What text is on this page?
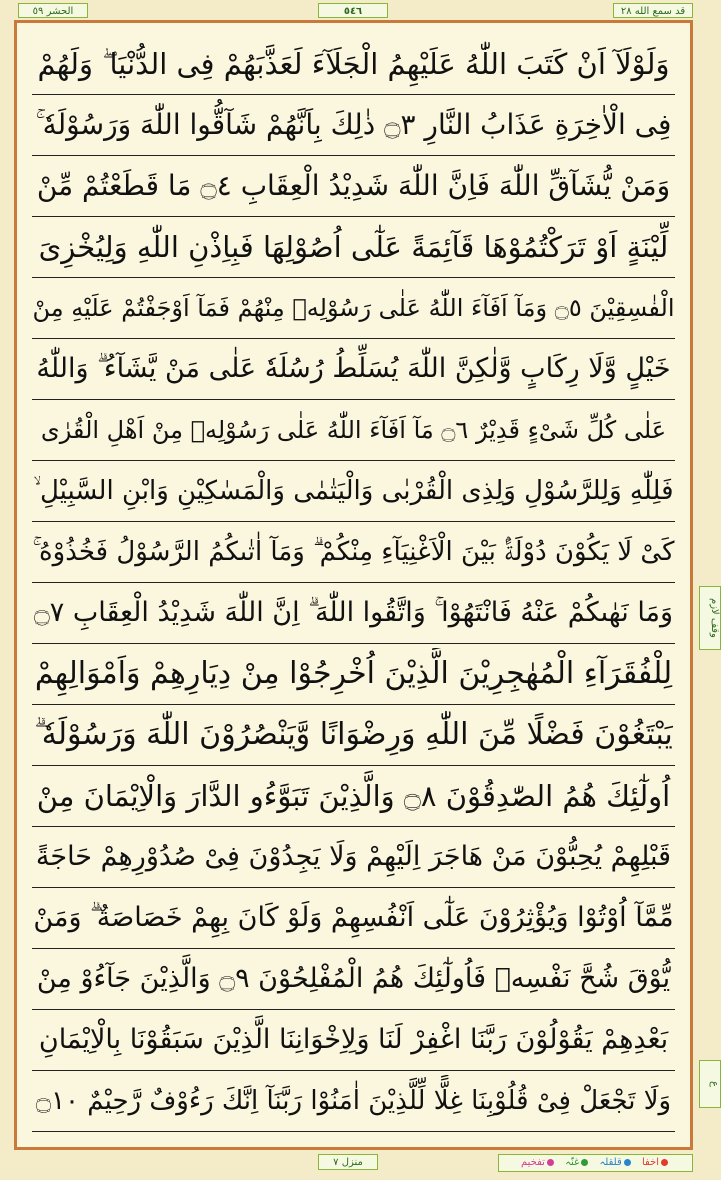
الحشر ٥٩	٥٤٦	قد سمع الله ٢٨
وَلَوْلَآ اَنْ كَتَبَ اللّٰهُ عَلَيْهِمُ الْجَلَآءَ لَعَذَّبَهُمْ فِى الدُّنْيَا ۖ وَلَهُمْ
فِى الْاٰخِرَةِ عَذَابُ النَّارِ ۝٣ ذٰلِكَ بِاَنَّهُمْ شَآقُّوا اللّٰهَ وَرَسُوْلَهٗ ۚ
وَمَنْ يُّشَآقِّ اللّٰهَ فَاِنَّ اللّٰهَ شَدِيْدُ الْعِقَابِ ۝٤ مَا قَطَعْتُمْ مِّنْ
لِّيْنَةٍ اَوْ تَرَكْتُمُوْهَا قَآئِمَةً عَلٰٓى اُصُوْلِهَا فَبِاِذْنِ اللّٰهِ وَلِيُخْزِىَ
الْفٰسِقِيْنَ ۝٥ وَمَآ اَفَآءَ اللّٰهُ عَلٰى رَسُوْلِهٖ مِنْهُمْ فَمَآ اَوْجَفْتُمْ عَلَيْهِ مِنْ
خَيْلٍ وَّلَا رِكَابٍ وَّلٰكِنَّ اللّٰهَ يُسَلِّطُ رُسُلَهٗ عَلٰى مَنْ يَّشَآءُ ۗ وَاللّٰهُ
عَلٰى كُلِّ شَىْءٍ قَدِيْرٌ ۝٦ مَآ اَفَآءَ اللّٰهُ عَلٰى رَسُوْلِهٖ مِنْ اَهْلِ الْقُرٰى
فَلِلّٰهِ وَلِلرَّسُوْلِ وَلِذِى الْقُرْبٰى وَالْيَتٰمٰى وَالْمَسٰكِيْنِ وَابْنِ السَّبِيْلِ ۙ
كَىْ لَا يَكُوْنَ دُوْلَةًۢ بَيْنَ الْاَغْنِيَآءِ مِنْكُمْ ۗ وَمَآ اٰتٰىكُمُ الرَّسُوْلُ فَخُذُوْهُ ۚ
وَمَا نَهٰىكُمْ عَنْهُ فَانْتَهُوْا ۚ وَاتَّقُوا اللّٰهَ ۗ اِنَّ اللّٰهَ شَدِيْدُ الْعِقَابِ ۝٧
لِلْفُقَرَآءِ الْمُهٰجِرِيْنَ الَّذِيْنَ اُخْرِجُوْا مِنْ دِيَارِهِمْ وَاَمْوَالِهِمْ
يَبْتَغُوْنَ فَضْلًا مِّنَ اللّٰهِ وَرِضْوَانًا وَّيَنْصُرُوْنَ اللّٰهَ وَرَسُوْلَهٗ ۗ
اُولٰٓئِكَ هُمُ الصّٰدِقُوْنَ ۝٨ وَالَّذِيْنَ تَبَوَّءُو الدَّارَ وَالْاِيْمَانَ مِنْ
قَبْلِهِمْ يُحِبُّوْنَ مَنْ هَاجَرَ اِلَيْهِمْ وَلَا يَجِدُوْنَ فِىْ صُدُوْرِهِمْ حَاجَةً
مِّمَّآ اُوْتُوْا وَيُؤْثِرُوْنَ عَلٰٓى اَنْفُسِهِمْ وَلَوْ كَانَ بِهِمْ خَصَاصَةٌ ۗ وَمَنْ
يُّوْقَ شُحَّ نَفْسِهٖ فَاُولٰٓئِكَ هُمُ الْمُفْلِحُوْنَ ۝٩ وَالَّذِيْنَ جَآءُوْ مِنْ
بَعْدِهِمْ يَقُوْلُوْنَ رَبَّنَا اغْفِرْ لَنَا وَلِاِخْوَانِنَا الَّذِيْنَ سَبَقُوْنَا بِالْاِيْمَانِ
وَلَا تَجْعَلْ فِىْ قُلُوْبِنَا غِلًّا لِّلَّذِيْنَ اٰمَنُوْا رَبَّنَآ اِنَّكَ رَءُوْفٌ رَّحِيْمٌ ۝١٠
وقف لازم
ع
منزل ٧	اخفا قلقلہ غنّہ تفخیم
